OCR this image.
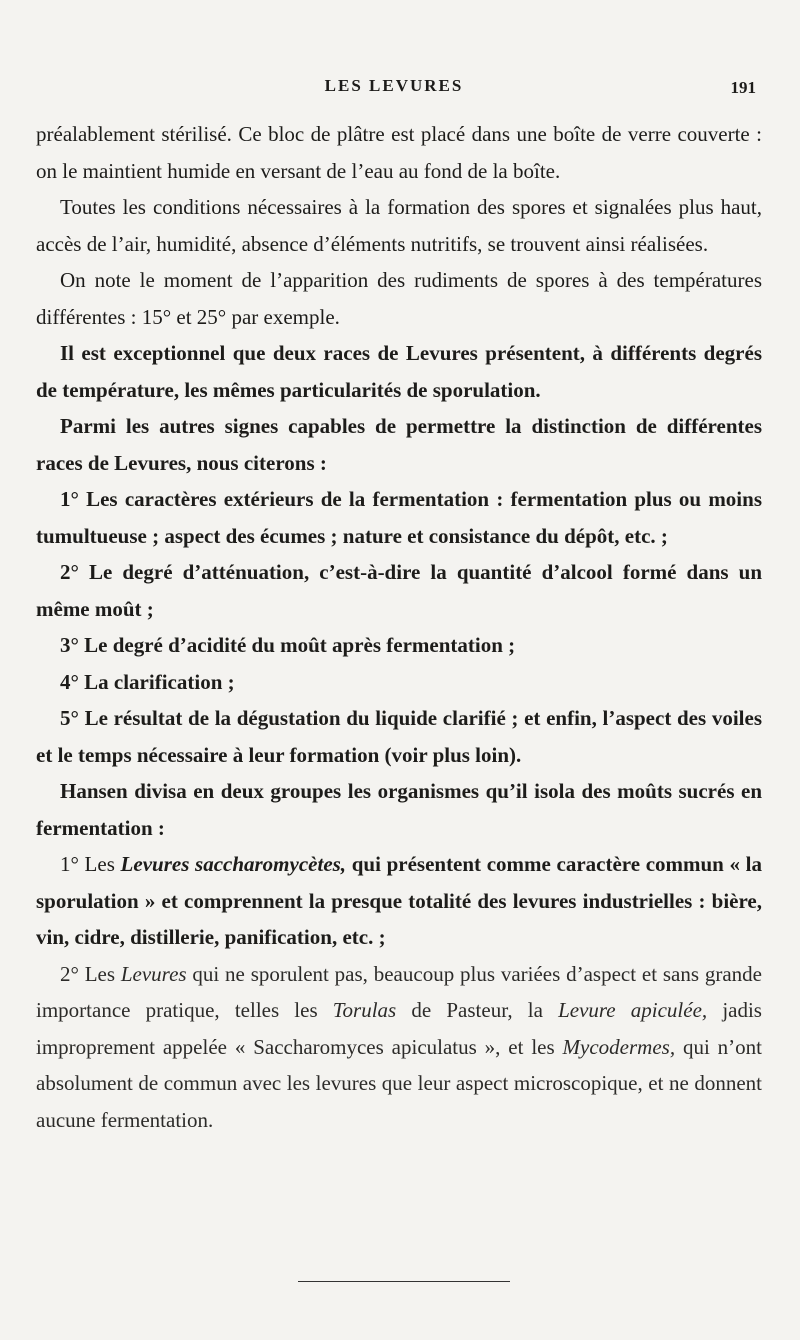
LES LEVURES	191

préalablement stérilisé. Ce bloc de plâtre est placé dans une boîte de verre couverte : on le maintient humide en versant de l’eau au fond de la boîte.

Toutes les conditions nécessaires à la formation des spores et signalées plus haut, accès de l’air, humidité, absence d’éléments nutritifs, se trouvent ainsi réalisées.

On note le moment de l’apparition des rudiments de spores à des températures différentes : 15° et 25° par exemple.

Il est exceptionnel que deux races de Levures présentent, à différents degrés de température, les mêmes particularités de sporulation.

Parmi les autres signes capables de permettre la distinction de différentes races de Levures, nous citerons :

1° Les caractères extérieurs de la fermentation : fermentation plus ou moins tumultueuse ; aspect des écumes ; nature et consistance du dépôt, etc. ;

2° Le degré d’atténuation, c’est-à-dire la quantité d’alcool formé dans un même moût ;

3° Le degré d’acidité du moût après fermentation ;

4° La clarification ;

5° Le résultat de la dégustation du liquide clarifié ; et enfin, l’aspect des voiles et le temps nécessaire à leur formation (voir plus loin).

Hansen divisa en deux groupes les organismes qu’il isola des moûts sucrés en fermentation :

1° Les Levures saccharomycètes, qui présentent comme caractère commun « la sporulation » et comprennent la presque totalité des levures industrielles : bière, vin, cidre, distillerie, panification, etc. ;

2° Les Levures qui ne sporulent pas, beaucoup plus variées d’aspect et sans grande importance pratique, telles les Torulas de Pasteur, la Levure apiculée, jadis improprement appelée « Saccharomyces apiculatus », et les Mycodermes, qui n’ont absolument de commun avec les levures que leur aspect microscopique, et ne donnent aucune fermentation.
